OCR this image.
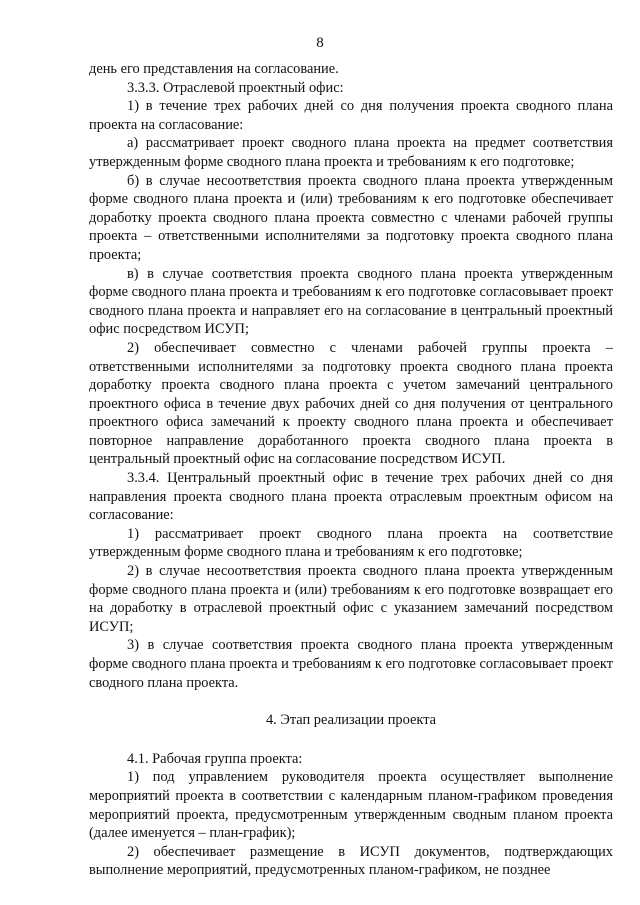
8

день его представления на согласование.

3.3.3. Отраслевой проектный офис:

1) в течение трех рабочих дней со дня получения проекта сводного плана проекта на согласование:

а) рассматривает проект сводного плана проекта на предмет соответствия утвержденным форме сводного плана проекта и требованиям к его подготовке;

б) в случае несоответствия проекта сводного плана проекта утвержденным форме сводного плана проекта и (или) требованиям к его подготовке обеспечивает доработку проекта сводного плана проекта совместно с членами рабочей группы проекта – ответственными исполнителями за подготовку проекта сводного плана проекта;

в) в случае соответствия проекта сводного плана проекта утвержденным форме сводного плана проекта и требованиям к его подготовке согласовывает проект сводного плана проекта и направляет его на согласование в центральный проектный офис посредством ИСУП;

2) обеспечивает совместно с членами рабочей группы проекта – ответственными исполнителями за подготовку проекта сводного плана проекта доработку проекта сводного плана проекта с учетом замечаний центрального проектного офиса в течение двух рабочих дней со дня получения от центрального проектного офиса замечаний к проекту сводного плана проекта и обеспечивает повторное направление доработанного проекта сводного плана проекта в центральный проектный офис на согласование посредством ИСУП.

3.3.4. Центральный проектный офис в течение трех рабочих дней со дня направления проекта сводного плана проекта отраслевым проектным офисом на согласование:

1) рассматривает проект сводного плана проекта на соответствие утвержденным форме сводного плана и требованиям к его подготовке;

2) в случае несоответствия проекта сводного плана проекта утвержденным форме сводного плана проекта и (или) требованиям к его подготовке возвращает его на доработку в отраслевой проектный офис с указанием замечаний посредством ИСУП;

3) в случае соответствия проекта сводного плана проекта утвержденным форме сводного плана проекта и требованиям к его подготовке согласовывает проект сводного плана проекта.

4. Этап реализации проекта

4.1. Рабочая группа проекта:

1) под управлением руководителя проекта осуществляет выполнение мероприятий проекта в соответствии с календарным планом-графиком проведения мероприятий проекта, предусмотренным утвержденным сводным планом проекта (далее именуется – план-график);

2) обеспечивает размещение в ИСУП документов, подтверждающих выполнение мероприятий, предусмотренных планом-графиком, не позднее
